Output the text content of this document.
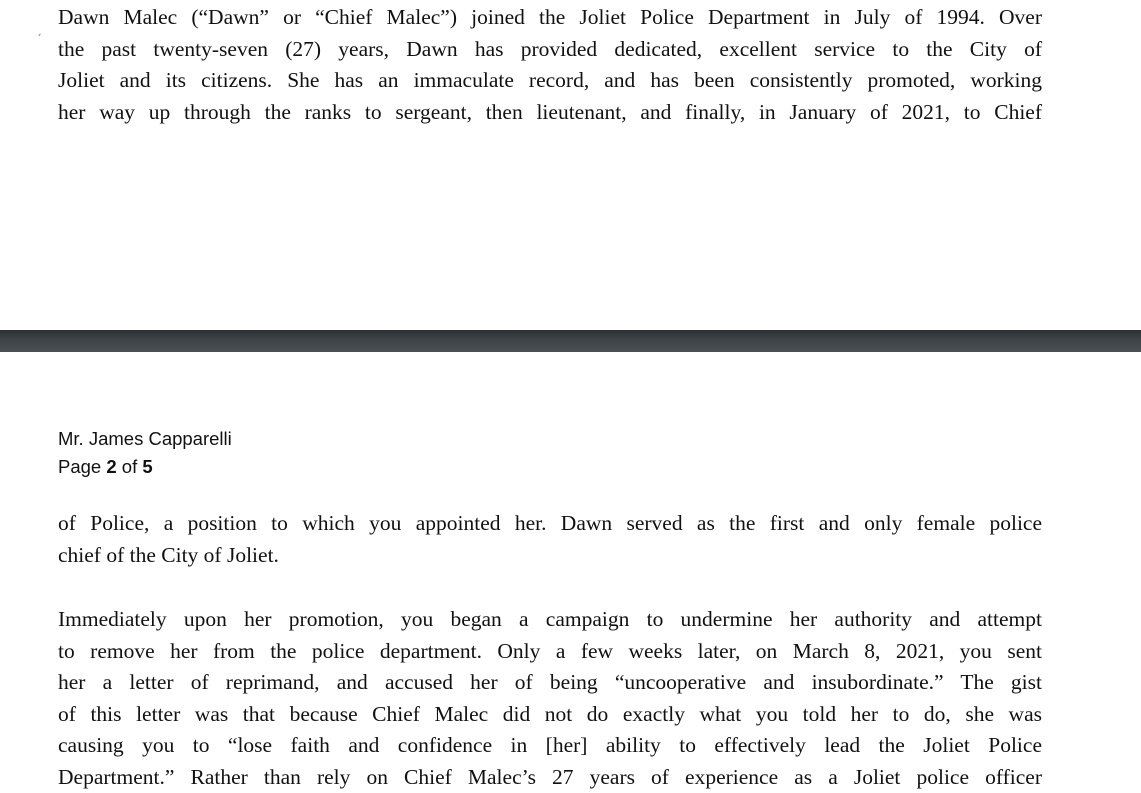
ˏ Dawn Malec (“Dawn” or “Chief Malec”) joined the Joliet Police Department in July of 1994. Over
the past twenty-seven (27) years, Dawn has provided dedicated, excellent service to the City of
Joliet and its citizens. She has an immaculate record, and has been consistently promoted, working
her way up through the ranks to sergeant, then lieutenant, and finally, in January of 2021, to Chief
Mr. James Capparelli
Page 2 of 5
of Police, a position to which you appointed her. Dawn served as the first and only female police
chief of the City of Joliet.
Immediately upon her promotion, you began a campaign to undermine her authority and attempt
to remove her from the police department. Only a few weeks later, on March 8, 2021, you sent
her a letter of reprimand, and accused her of being “uncooperative and insubordinate.” The gist
of this letter was that because Chief Malec did not do exactly what you told her to do, she was
causing you to “lose faith and confidence in [her] ability to effectively lead the Joliet Police
Department.” Rather than rely on Chief Malec’s 27 years of experience as a Joliet police officer
